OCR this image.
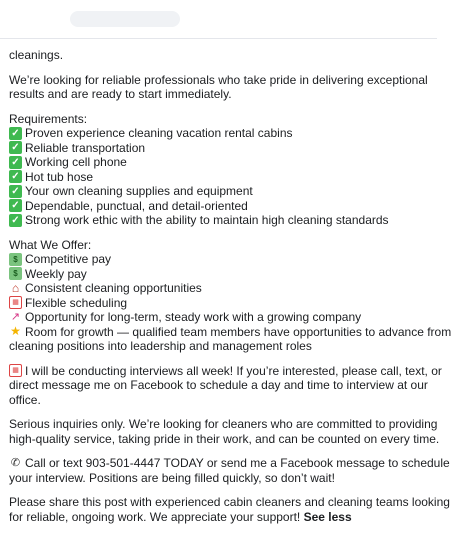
cleanings.
We’re looking for reliable professionals who take pride in delivering exceptional
results and are ready to start immediately.
Requirements:
✓ Proven experience cleaning vacation rental cabins
✓ Reliable transportation
✓ Working cell phone
✓ Hot tub hose
✓ Your own cleaning supplies and equipment
✓ Dependable, punctual, and detail-oriented
✓ Strong work ethic with the ability to maintain high cleaning standards
What We Offer:
$ Competitive pay
$ Weekly pay
⌂ Consistent cleaning opportunities
▦ Flexible scheduling
↗ Opportunity for long-term, steady work with a growing company
★ Room for growth — qualified team members have opportunities to advance from
cleaning positions into leadership and management roles
▦ I will be conducting interviews all week! If you’re interested, please call, text, or
direct message me on Facebook to schedule a day and time to interview at our
office.
Serious inquiries only. We’re looking for cleaners who are committed to providing
high-quality service, taking pride in their work, and can be counted on every time.
✆ Call or text 903-501-4447 TODAY or send me a Facebook message to schedule
your interview. Positions are being filled quickly, so don’t wait!
Please share this post with experienced cabin cleaners and cleaning teams looking
for reliable, ongoing work. We appreciate your support! See less
